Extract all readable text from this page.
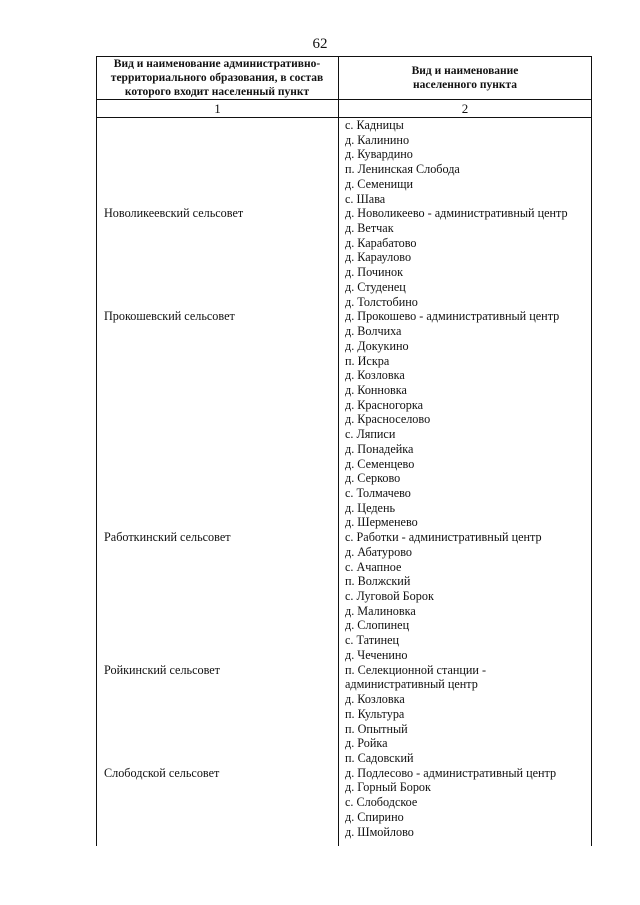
62
Вид и наименование административно-территориального образования, в состав которого входит населенный пункт
Вид и наименование населенного пункта
1	2
Новоликеевский сельсовет
Прокошевский сельсовет
Работкинский сельсовет
Ройкинский сельсовет
Слободской сельсовет
с. Кадницы
д. Калинино
д. Кувардино
п. Ленинская Слобода
д. Семенищи
с. Шава
д. Новоликеево - административный центр
д. Ветчак
д. Карабатово
д. Караулово
д. Починок
д. Студенец
д. Толстобино
д. Прокошево - административный центр
д. Волчиха
д. Докукино
п. Искра
д. Козловка
д. Конновка
д. Красногорка
д. Красноселово
с. Ляписи
д. Понадейка
д. Семенцево
д. Серково
с. Толмачево
д. Цедень
д. Шерменево
с. Работки - административный центр
д. Абатурово
с. Ачапное
п. Волжский
с. Луговой Борок
д. Малиновка
д. Слопинец
с. Татинец
д. Чеченино
п. Селекционной станции -
административный центр
д. Козловка
п. Культура
п. Опытный
д. Ройка
п. Садовский
д. Подлесово - административный центр
д. Горный Борок
с. Слободское
д. Спирино
д. Шмойлово
